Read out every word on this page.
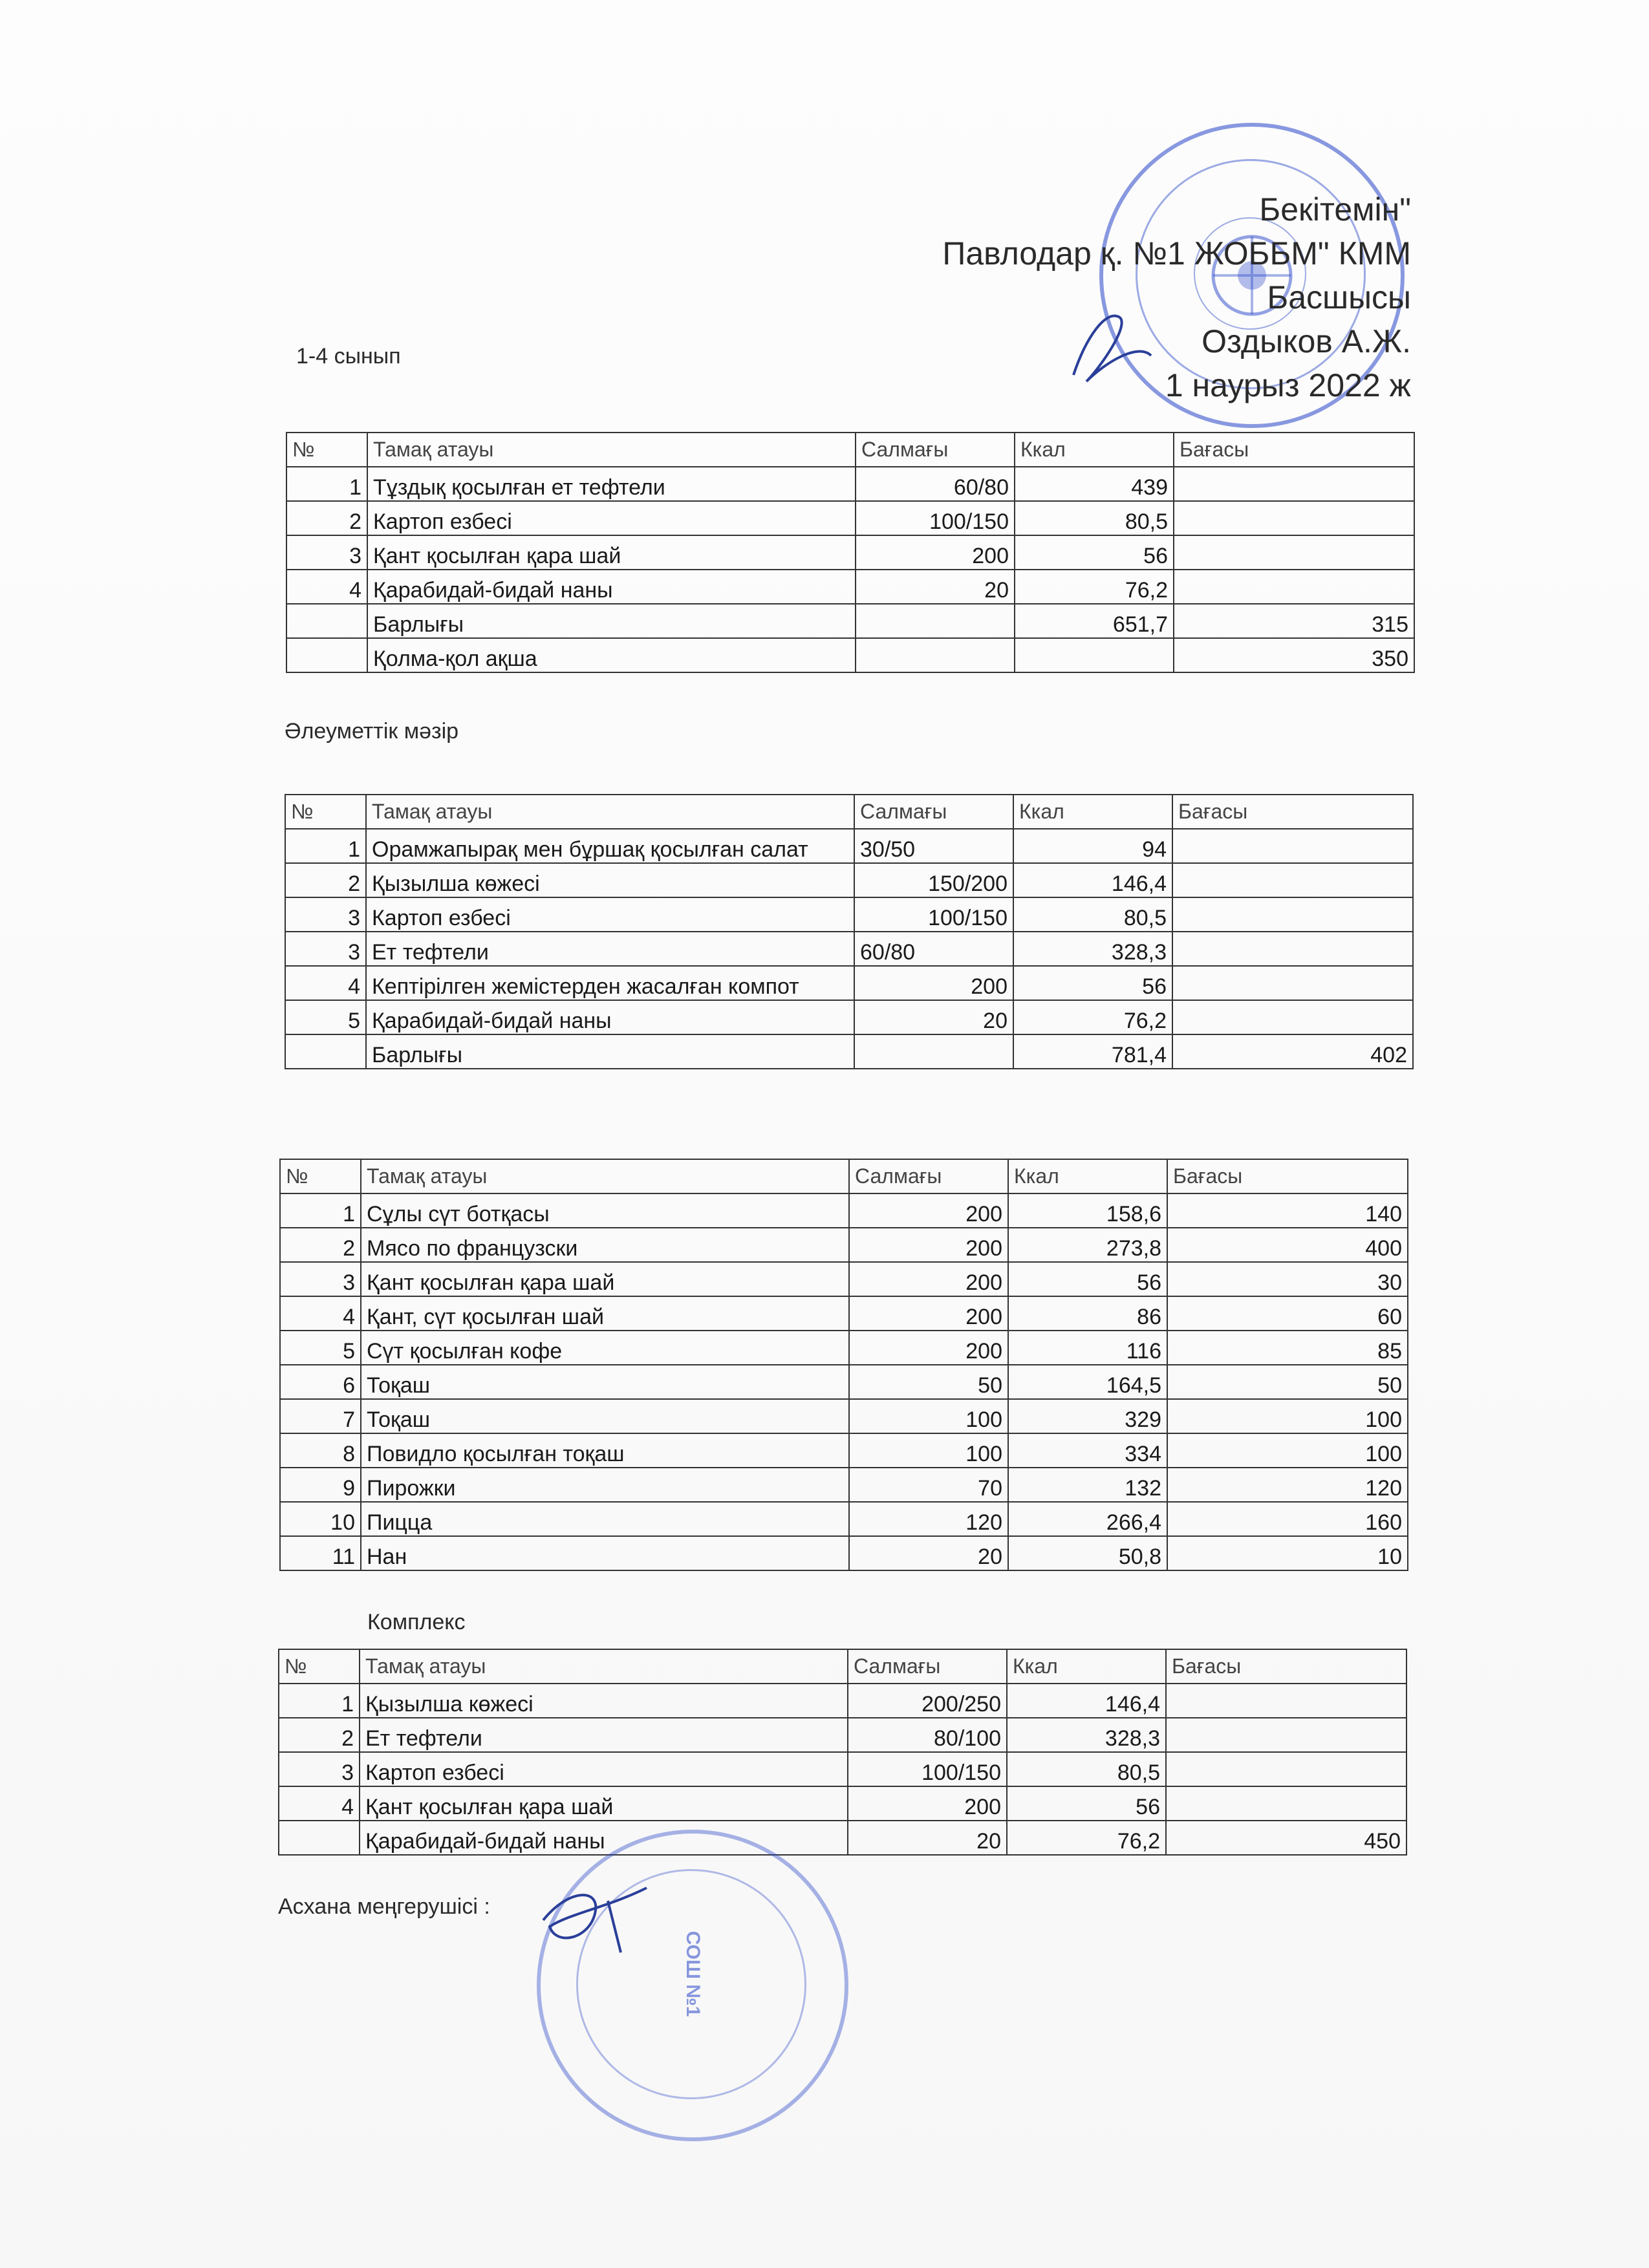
Бекітемін"
Павлодар қ. №1 ЖОББМ" КММ
Басшысы
Оздыков А.Ж.
1 наурыз 2022 ж
1-4 сынып
№	Тамақ атауы	Салмағы	Ккал	Бағасы
1	Тұздық қосылған ет тефтели	60/80	439	
2	Картоп езбесі	100/150	80,5	
3	Қант қосылған қара шай	200	56	
4	Қарабидай-бидай наны	20	76,2	
	Барлығы		651,7	315
	Қолма-қол ақша			350
Әлеуметтік мәзір
№	Тамақ атауы	Салмағы	Ккал	Бағасы
1	Орамжапырақ мен бұршақ қосылған салат	30/50	94	
2	Қызылша көжесі	150/200	146,4	
3	Картоп езбесі	100/150	80,5	
3	Ет тефтели	60/80	328,3	
4	Кептірілген жемістерден жасалған компот	200	56	
5	Қарабидай-бидай наны	20	76,2	
	Барлығы		781,4	402
№	Тамақ атауы	Салмағы	Ккал	Бағасы
1	Сұлы сүт ботқасы	200	158,6	140
2	Мясо по французски	200	273,8	400
3	Қант қосылған қара шай	200	56	30
4	Қант, сүт қосылған шай	200	86	60
5	Сүт қосылған кофе	200	116	85
6	Тоқаш	50	164,5	50
7	Тоқаш	100	329	100
8	Повидло қосылған тоқаш	100	334	100
9	Пирожки	70	132	120
10	Пицца	120	266,4	160
11	Нан	20	50,8	10
Комплекс
№	Тамақ атауы	Салмағы	Ккал	Бағасы
1	Қызылша көжесі	200/250	146,4	
2	Ет тефтели	80/100	328,3	
3	Картоп езбесі	100/150	80,5	
4	Қант қосылған қара шай	200	56	
	Қарабидай-бидай наны	20	76,2	450
Асхана меңгерушісі :
СОШ №1
